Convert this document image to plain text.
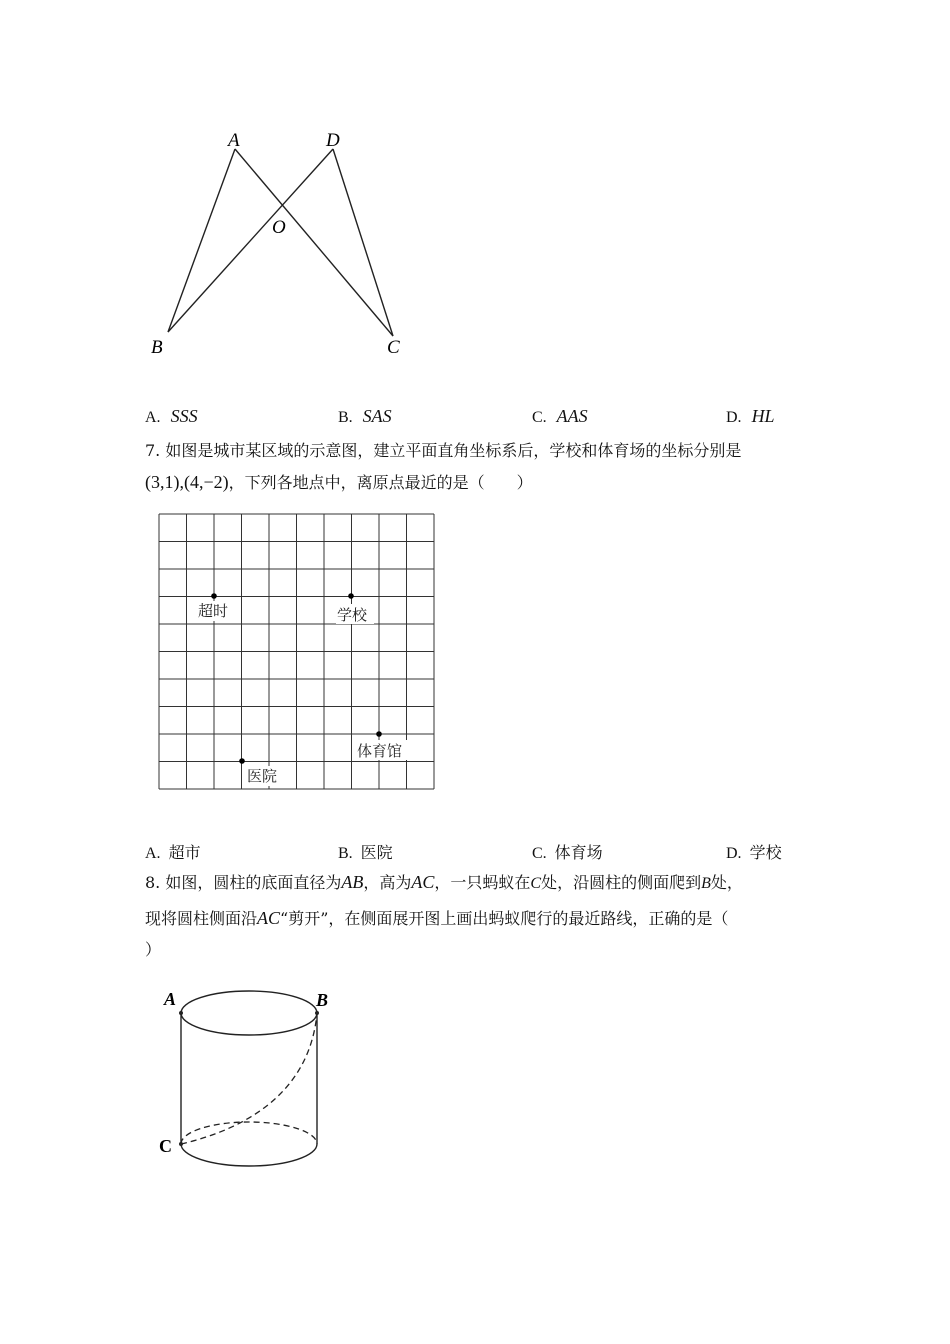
A	D
O
B	C
A. SSS	B. SAS	C. AAS	D. HL
7. 如图是城市某区域的示意图，建立平面直角坐标系后，学校和体育场的坐标分别是
(3,1),(4,−2)，下列各地点中，离原点最近的是（　　）
超时	学校
体育馆
医院
A. 超市	B. 医院	C. 体育场	D. 学校
8. 如图，圆柱的底面直径为AB，高为AC，一只蚂蚁在C处，沿圆柱的侧面爬到B处，
现将圆柱侧面沿AC“剪开”，在侧面展开图上画出蚂蚁爬行的最近路线，正确的是（
）
A	B
C
